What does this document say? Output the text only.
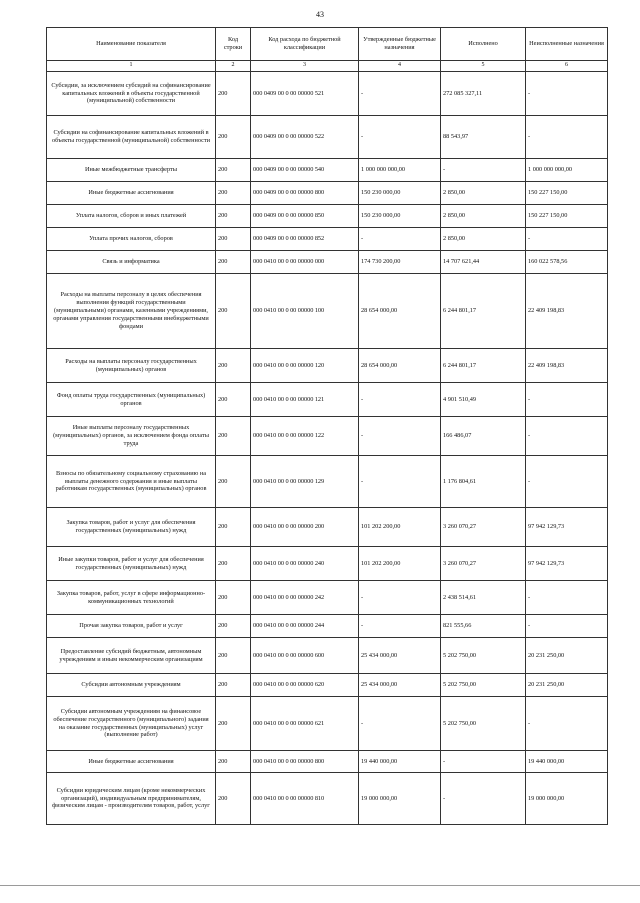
43
Наименование показателя	Код строки	Код расхода по бюджетной классификации	Утвержденные бюджетные назначения	Исполнено	Неисполненные назначения
1	2	3	4	5	6
Субсидии, за исключением субсидий на софинансирование капитальных вложений в объекты государственной (муниципальной) собственности	200	000 0409 00 0 00 00000 521	-	272 085 327,11	-
Субсидии на софинансирование капитальных вложений в объекты государственной (муниципальной) собственности	200	000 0409 00 0 00 00000 522	-	88 543,97	-
Иные межбюджетные трансферты	200	000 0409 00 0 00 00000 540	1 000 000 000,00	-	1 000 000 000,00
Иные бюджетные ассигнования	200	000 0409 00 0 00 00000 800	150 230 000,00	2 850,00	150 227 150,00
Уплата налогов, сборов и иных платежей	200	000 0409 00 0 00 00000 850	150 230 000,00	2 850,00	150 227 150,00
Уплата прочих налогов, сборов	200	000 0409 00 0 00 00000 852	-	2 850,00	-
Связь и информатика	200	000 0410 00 0 00 00000 000	174 730 200,00	14 707 621,44	160 022 578,56
Расходы на выплаты персоналу в целях обеспечения выполнения функций государственными (муниципальными) органами, казенными учреждениями, органами управления государственными внебюджетными фондами	200	000 0410 00 0 00 00000 100	28 654 000,00	6 244 801,17	22 409 198,83
Расходы на выплаты персоналу государственных (муниципальных) органов	200	000 0410 00 0 00 00000 120	28 654 000,00	6 244 801,17	22 409 198,83
Фонд оплаты труда государственных (муниципальных) органов	200	000 0410 00 0 00 00000 121	-	4 901 510,49	-
Иные выплаты персоналу государственных (муниципальных) органов, за исключением фонда оплаты труда	200	000 0410 00 0 00 00000 122	-	166 486,07	-
Взносы по обязательному социальному страхованию на выплаты денежного содержания и иные выплаты работникам государственных (муниципальных) органов	200	000 0410 00 0 00 00000 129	-	1 176 804,61	-
Закупка товаров, работ и услуг для обеспечения государственных (муниципальных) нужд	200	000 0410 00 0 00 00000 200	101 202 200,00	3 260 070,27	97 942 129,73
Иные закупки товаров, работ и услуг для обеспечения государственных (муниципальных) нужд	200	000 0410 00 0 00 00000 240	101 202 200,00	3 260 070,27	97 942 129,73
Закупка товаров, работ, услуг в сфере информационно-коммуникационных технологий	200	000 0410 00 0 00 00000 242	-	2 438 514,61	-
Прочая закупка товаров, работ и услуг	200	000 0410 00 0 00 00000 244	-	821 555,66	-
Предоставление субсидий бюджетным, автономным учреждениям и иным некоммерческим организациям	200	000 0410 00 0 00 00000 600	25 434 000,00	5 202 750,00	20 231 250,00
Субсидии автономным учреждениям	200	000 0410 00 0 00 00000 620	25 434 000,00	5 202 750,00	20 231 250,00
Субсидии автономным учреждениям на финансовое обеспечение государственного (муниципального) задания на оказание государственных (муниципальных) услуг (выполнение работ)	200	000 0410 00 0 00 00000 621	-	5 202 750,00	-
Иные бюджетные ассигнования	200	000 0410 00 0 00 00000 800	19 440 000,00	-	19 440 000,00
Субсидии юридическим лицам (кроме некоммерческих организаций), индивидуальным предпринимателям, физическим лицам - производителям товаров, работ, услуг	200	000 0410 00 0 00 00000 810	19 000 000,00	-	19 000 000,00
